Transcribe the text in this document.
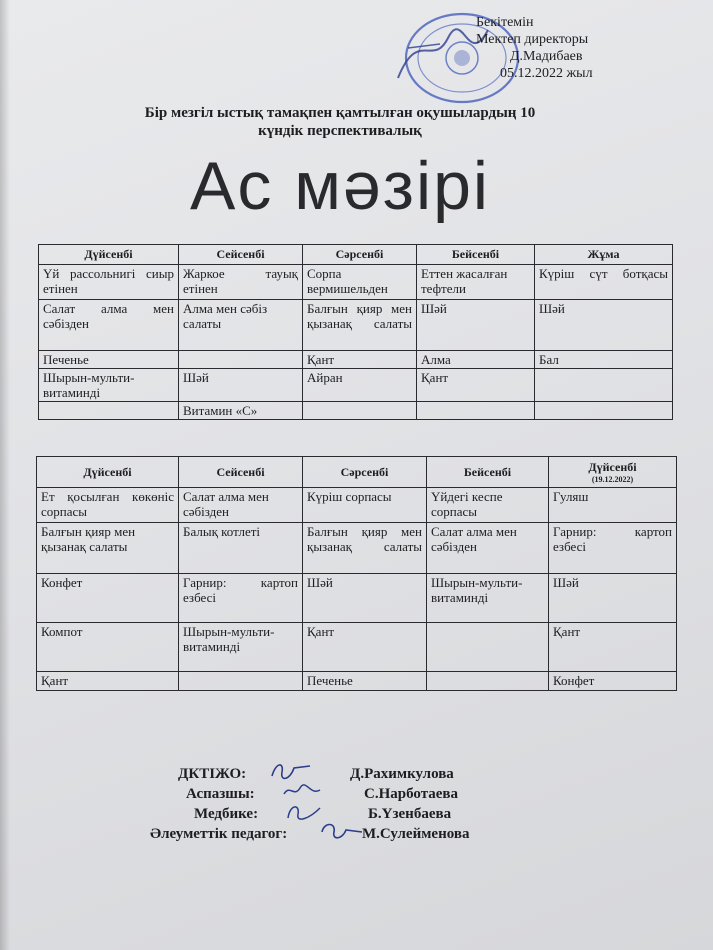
Бекітемін
Мектеп директоры
Д.Мадибаев
05.12.2022 жыл
Бір мезгіл ыстық тамақпен қамтылған оқушылардың 10
күндік перспективалық
Ас мәзірі
Дүйсенбі	Сейсенбі	Сәрсенбі	Бейсенбі	Жұма
Үй рассольнигі сиыр етінен	Жаркое тауық етінен	Сорпа вермишельден	Еттен жасалған тефтели	Күріш сүт ботқасы
Салат алма мен сәбізден	Алма мен сәбіз салаты	Балғын қияр мен қызанақ салаты	Шәй	Шәй
Печенье		Қант	Алма	Бал
Шырын-мульти-витаминді	Шәй	Айран	Қант	
	Витамин «С»			
Дүйсенбі	Сейсенбі	Сәрсенбі	Бейсенбі	Дүйсенбі
(19.12.2022)

Ет қосылған көкөніс сорпасы	Салат алма мен сәбізден	Күріш сорпасы	Үйдегі кеспе сорпасы	Гуляш
Балғын қияр мен қызанақ салаты	Балық котлеті	Балғын қияр мен қызанақ салаты	Салат алма мен сәбізден	Гарнир: картоп езбесі
Конфет	Гарнир: картоп езбесі	Шәй	Шырын-мульти-витаминді	Шәй
Компот	Шырын-мульти-витаминді	Қант		Қант
Қант		Печенье		Конфет
ДКТІЖО:	Д.Рахимкулова
Аспазшы:	С.Нарботаева
Медбике:	Б.Үзенбаева
Әлеуметтік педагог:	М.Сулейменова
